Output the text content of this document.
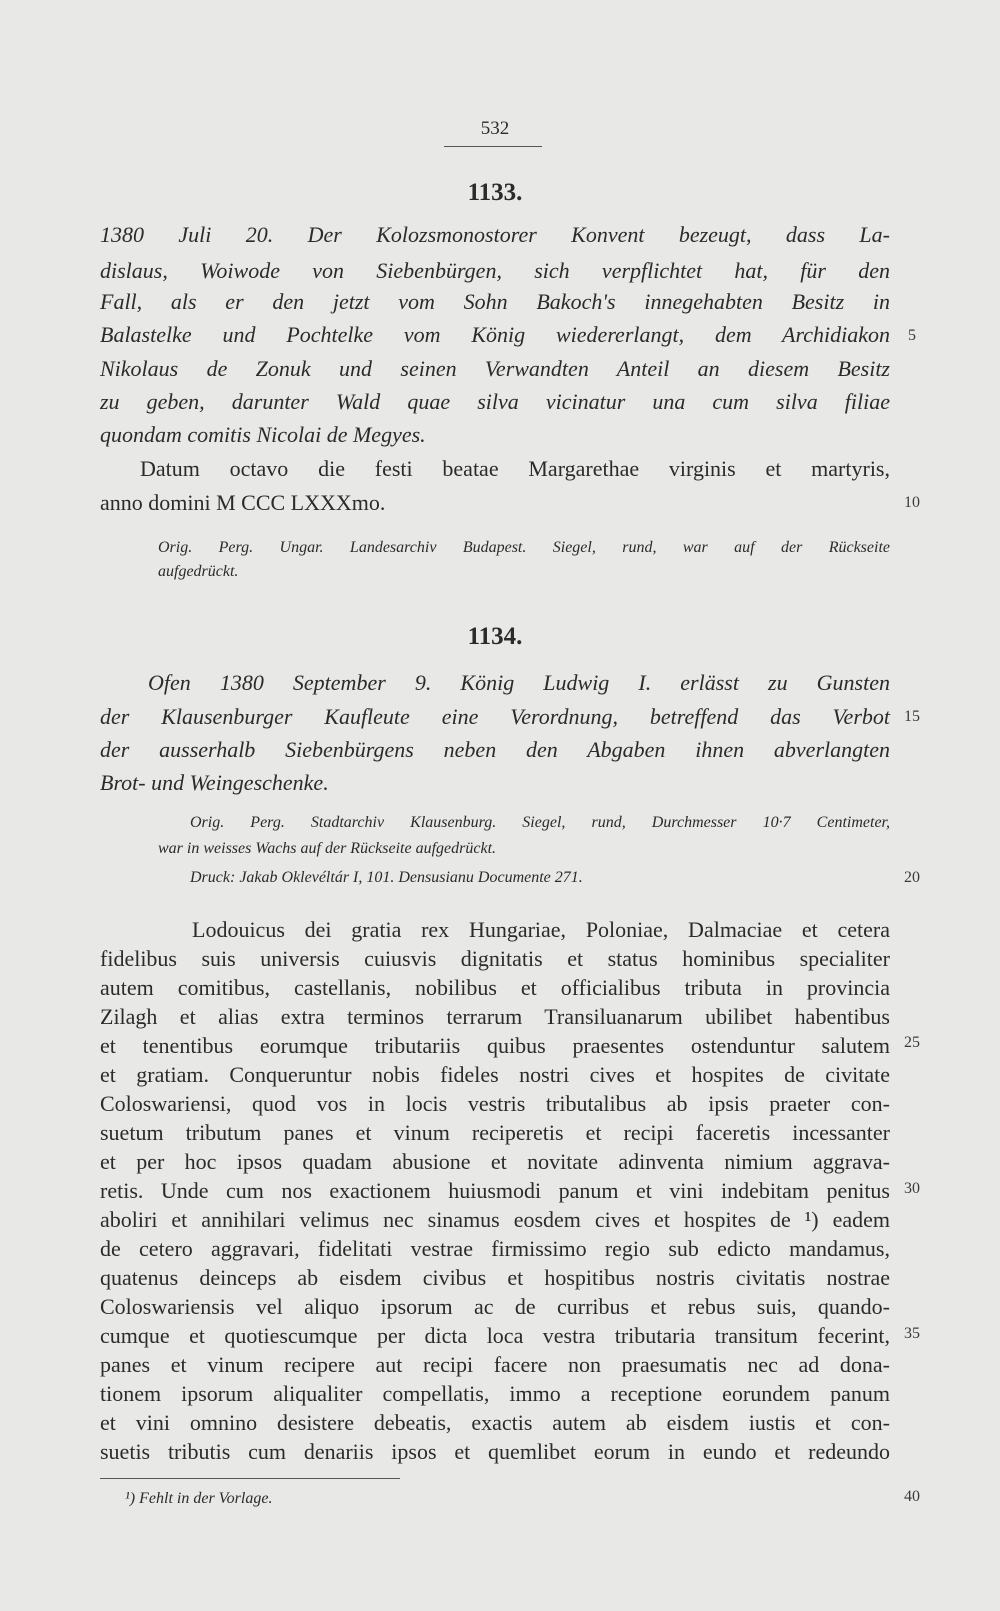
532
1133.
1380 Juli 20. Der Kolozsmonostorer Konvent bezeugt, dass La-
dislaus, Woiwode von Siebenbürgen, sich verpflichtet hat, für den
Fall, als er den jetzt vom Sohn Bakoch's innegehabten Besitz in
Balastelke und Pochtelke vom König wiedererlangt, dem Archidiakon
Nikolaus de Zonuk und seinen Verwandten Anteil an diesem Besitz
zu geben, darunter Wald quae silva vicinatur una cum silva filiae
quondam comitis Nicolai de Megyes.
Datum octavo die festi beatae Margarethae virginis et martyris,
anno domini M CCC LXXXmo.
Orig. Perg. Ungar. Landesarchiv Budapest. Siegel, rund, war auf der Rückseite
aufgedrückt.
1134.
Ofen 1380 September 9. König Ludwig I. erlässt zu Gunsten
der Klausenburger Kaufleute eine Verordnung, betreffend das Verbot
der ausserhalb Siebenbürgens neben den Abgaben ihnen abverlangten
Brot- und Weingeschenke.
Orig. Perg. Stadtarchiv Klausenburg. Siegel, rund, Durchmesser 10·7 Centimeter,
war in weisses Wachs auf der Rückseite aufgedrückt.
Druck: Jakab Oklevéltár I, 101. Densusianu Documente 271.
Lodouicus dei gratia rex Hungariae, Poloniae, Dalmaciae et cetera
fidelibus suis universis cuiusvis dignitatis et status hominibus specialiter
autem comitibus, castellanis, nobilibus et officialibus tributa in provincia
Zilagh et alias extra terminos terrarum Transiluanarum ubilibet habentibus
et tenentibus eorumque tributariis quibus praesentes ostenduntur salutem
et gratiam. Conqueruntur nobis fideles nostri cives et hospites de civitate
Coloswariensi, quod vos in locis vestris tributalibus ab ipsis praeter con-
suetum tributum panes et vinum reciperetis et recipi faceretis incessanter
et per hoc ipsos quadam abusione et novitate adinventa nimium aggrava-
retis. Unde cum nos exactionem huiusmodi panum et vini indebitam penitus
aboliri et annihilari velimus nec sinamus eosdem cives et hospites de ¹) eadem
de cetero aggravari, fidelitati vestrae firmissimo regio sub edicto mandamus,
quatenus deinceps ab eisdem civibus et hospitibus nostris civitatis nostrae
Coloswariensis vel aliquo ipsorum ac de curribus et rebus suis, quando-
cumque et quotiescumque per dicta loca vestra tributaria transitum fecerint,
panes et vinum recipere aut recipi facere non praesumatis nec ad dona-
tionem ipsorum aliqualiter compellatis, immo a receptione eorundem panum
et vini omnino desistere debeatis, exactis autem ab eisdem iustis et con-
suetis tributis cum denariis ipsos et quemlibet eorum in eundo et redeundo
¹) Fehlt in der Vorlage.
5
10
15
20
25
30
35
40
